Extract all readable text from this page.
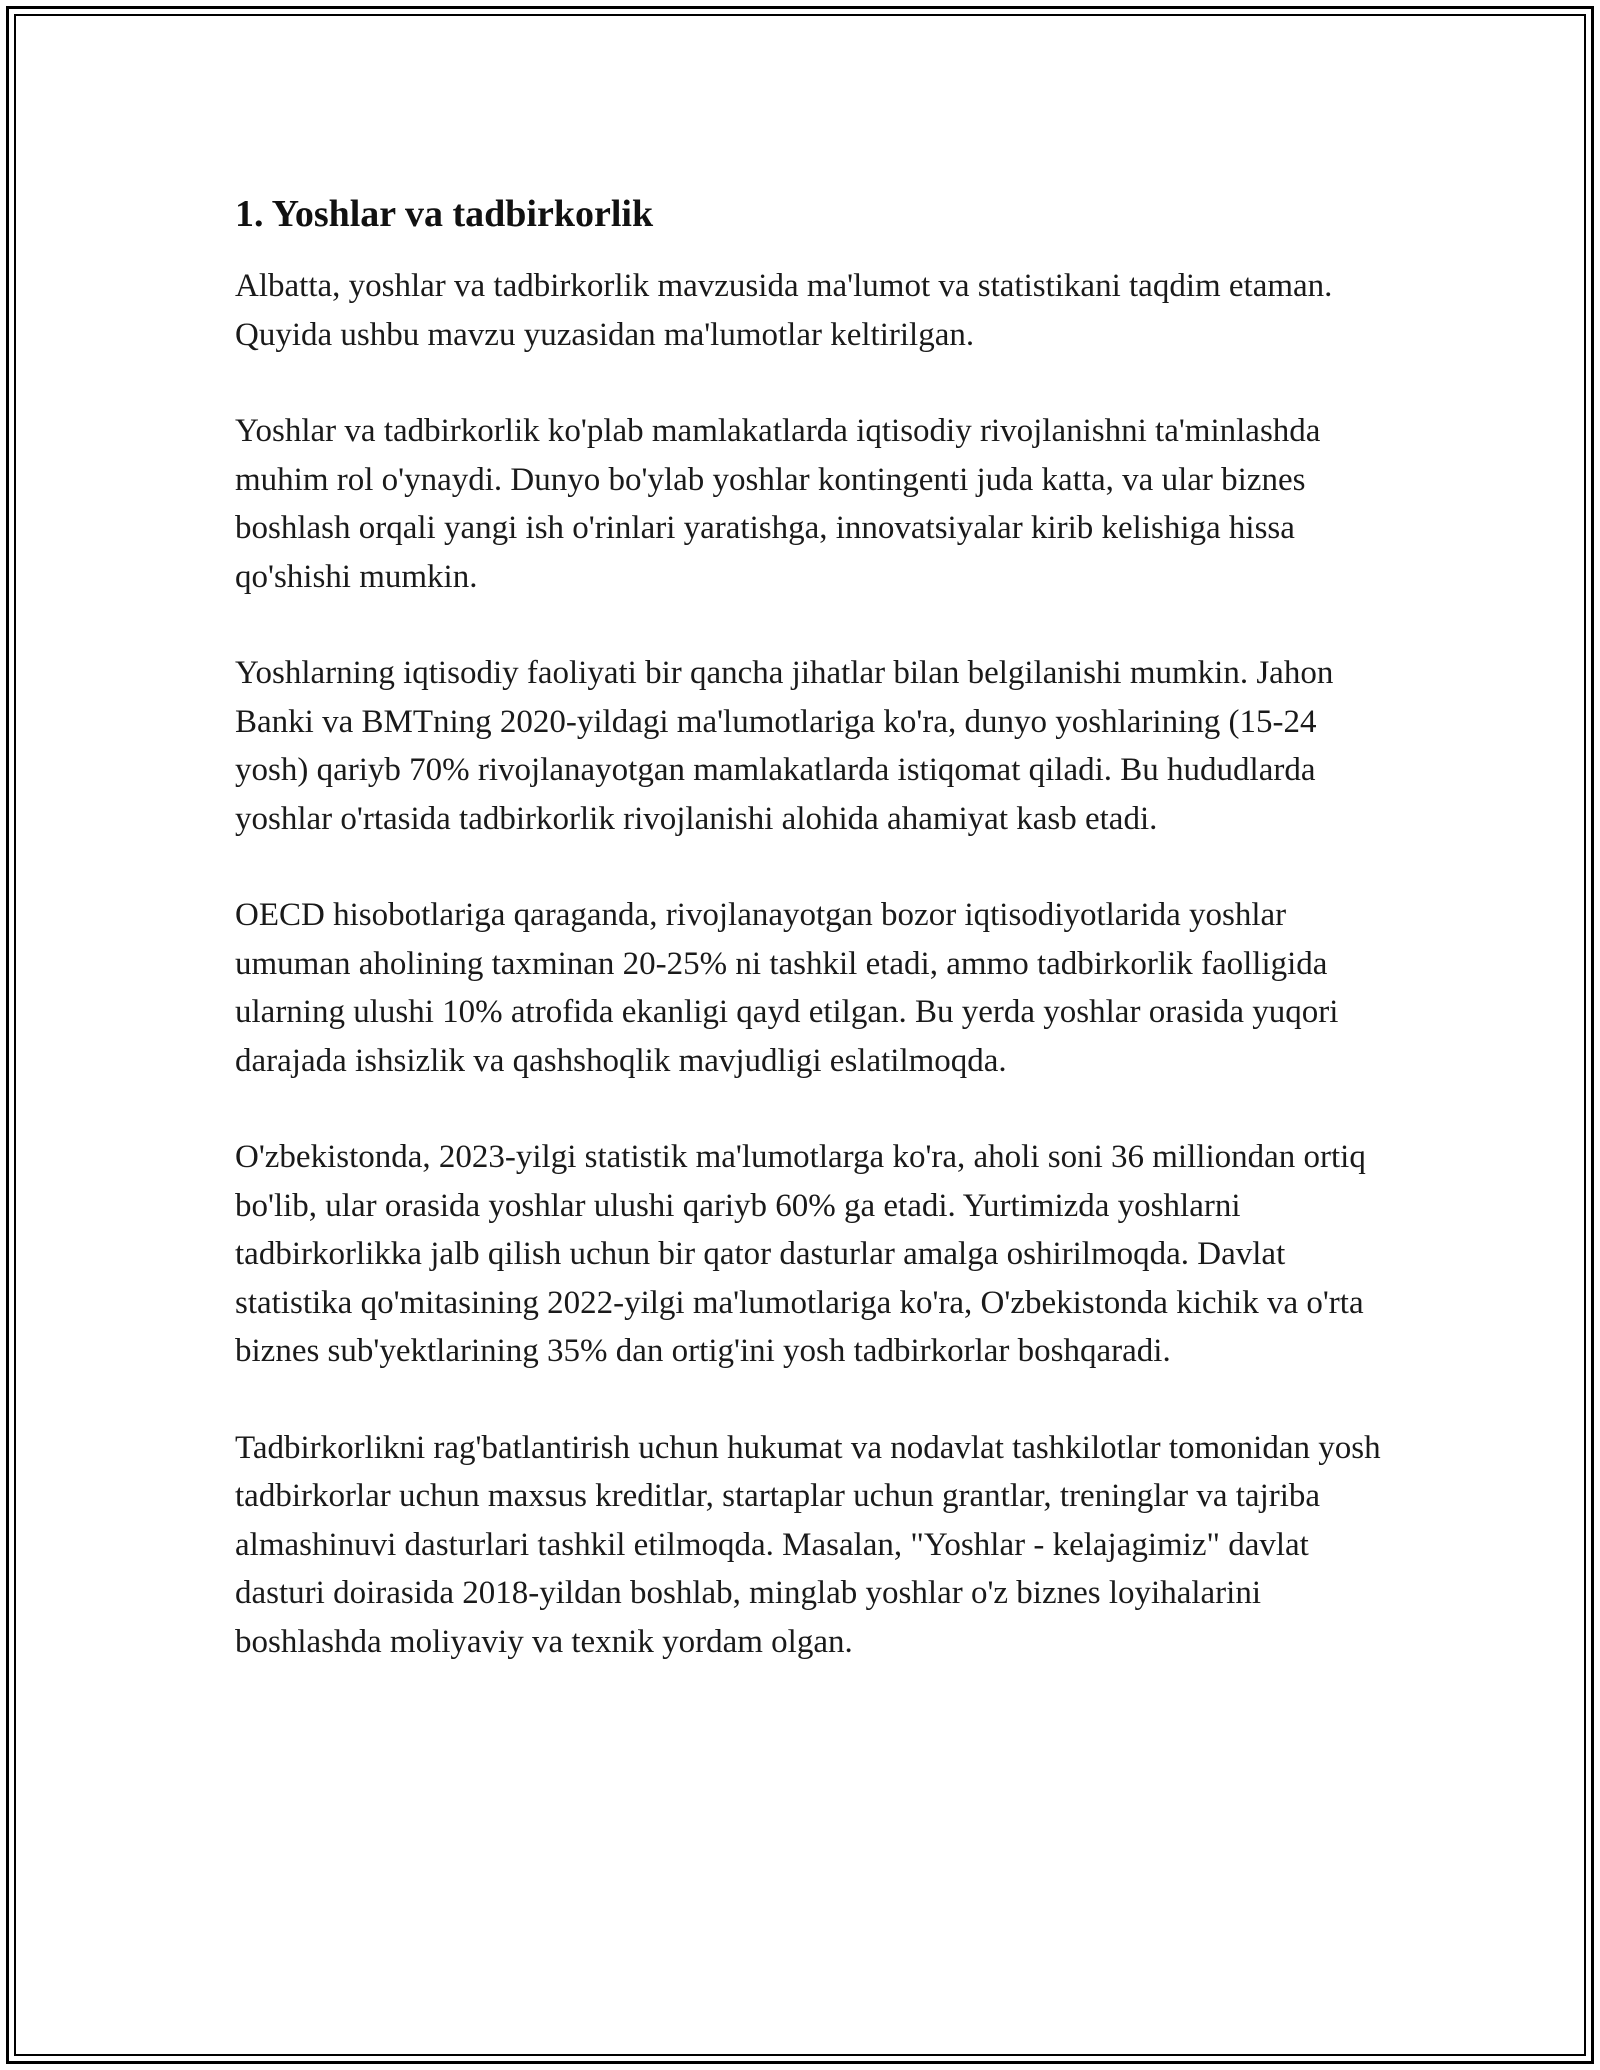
1. Yoshlar va tadbirkorlik

Albatta, yoshlar va tadbirkorlik mavzusida ma'lumot va statistikani taqdim etaman. Quyida ushbu mavzu yuzasidan ma'lumotlar keltirilgan.

Yoshlar va tadbirkorlik ko'plab mamlakatlarda iqtisodiy rivojlanishni ta'minlashda muhim rol o'ynaydi. Dunyo bo'ylab yoshlar kontingenti juda katta, va ular biznes boshlash orqali yangi ish o'rinlari yaratishga, innovatsiyalar kirib kelishiga hissa qo'shishi mumkin.

Yoshlarning iqtisodiy faoliyati bir qancha jihatlar bilan belgilanishi mumkin. Jahon Banki va BMTning 2020-yildagi ma'lumotlariga ko'ra, dunyo yoshlarining (15-24 yosh) qariyb 70% rivojlanayotgan mamlakatlarda istiqomat qiladi. Bu hududlarda yoshlar o'rtasida tadbirkorlik rivojlanishi alohida ahamiyat kasb etadi.

OECD hisobotlariga qaraganda, rivojlanayotgan bozor iqtisodiyotlarida yoshlar umuman aholining taxminan 20-25% ni tashkil etadi, ammo tadbirkorlik faolligida ularning ulushi 10% atrofida ekanligi qayd etilgan. Bu yerda yoshlar orasida yuqori darajada ishsizlik va qashshoqlik mavjudligi eslatilmoqda.

O'zbekistonda, 2023-yilgi statistik ma'lumotlarga ko'ra, aholi soni 36 milliondan ortiq bo'lib, ular orasida yoshlar ulushi qariyb 60% ga etadi. Yurtimizda yoshlarni tadbirkorlikka jalb qilish uchun bir qator dasturlar amalga oshirilmoqda. Davlat statistika qo'mitasining 2022-yilgi ma'lumotlariga ko'ra, O'zbekistonda kichik va o'rta biznes sub'yektlarining 35% dan ortig'ini yosh tadbirkorlar boshqaradi.

Tadbirkorlikni rag'batlantirish uchun hukumat va nodavlat tashkilotlar tomonidan yosh tadbirkorlar uchun maxsus kreditlar, startaplar uchun grantlar, treninglar va tajriba almashinuvi dasturlari tashkil etilmoqda. Masalan, "Yoshlar - kelajagimiz" davlat dasturi doirasida 2018-yildan boshlab, minglab yoshlar o'z biznes loyihalarini boshlashda moliyaviy va texnik yordam olgan.
